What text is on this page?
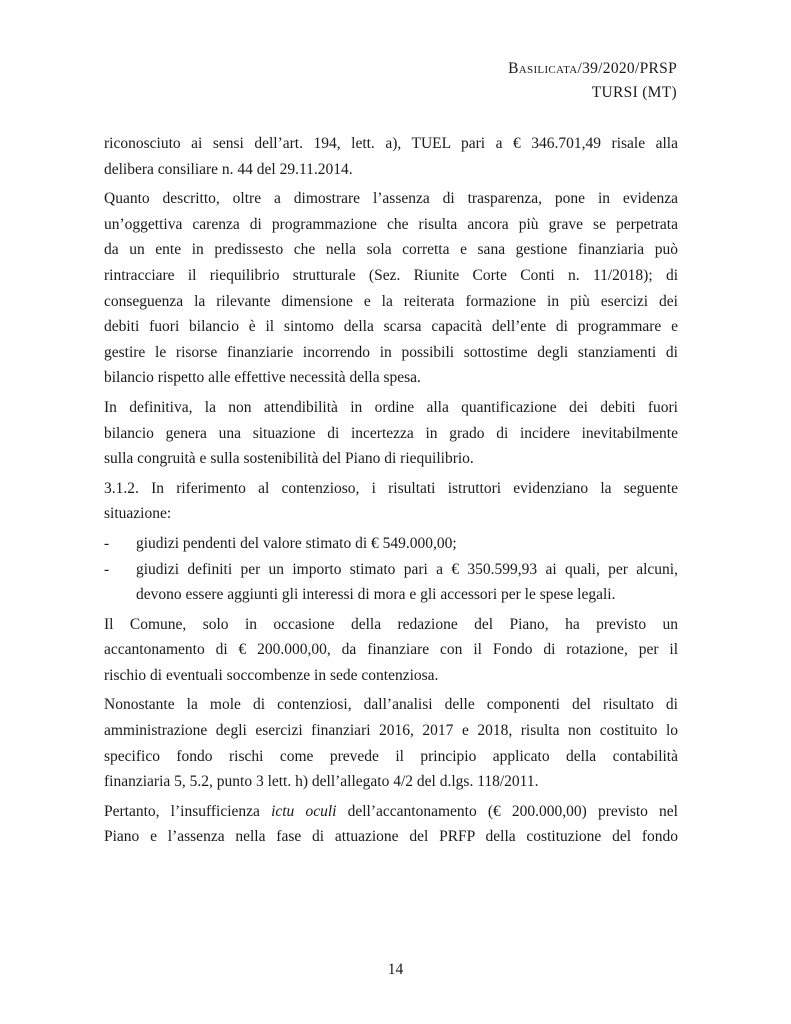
Basilicata/39/2020/PRSP
TURSI (MT)

riconosciuto ai sensi dell’art. 194, lett. a), TUEL pari a € 346.701,49 risale alla
delibera consiliare n. 44 del 29.11.2014.

Quanto descritto, oltre a dimostrare l’assenza di trasparenza, pone in evidenza
un’oggettiva carenza di programmazione che risulta ancora più grave se perpetrata
da un ente in predissesto che nella sola corretta e sana gestione finanziaria può
rintracciare il riequilibrio strutturale (Sez. Riunite Corte Conti n. 11/2018); di
conseguenza la rilevante dimensione e la reiterata formazione in più esercizi dei
debiti fuori bilancio è il sintomo della scarsa capacità dell’ente di programmare e
gestire le risorse finanziarie incorrendo in possibili sottostime degli stanziamenti di
bilancio rispetto alle effettive necessità della spesa.

In definitiva, la non attendibilità in ordine alla quantificazione dei debiti fuori
bilancio genera una situazione di incertezza in grado di incidere inevitabilmente
sulla congruità e sulla sostenibilità del Piano di riequilibrio.

3.1.2. In riferimento al contenzioso, i risultati istruttori evidenziano la seguente
situazione:

-	giudizi pendenti del valore stimato di € 549.000,00;
-	giudizi definiti per un importo stimato pari a € 350.599,93 ai quali, per alcuni,
devono essere aggiunti gli interessi di mora e gli accessori per le spese legali.

Il Comune, solo in occasione della redazione del Piano, ha previsto un
accantonamento di € 200.000,00, da finanziare con il Fondo di rotazione, per il
rischio di eventuali soccombenze in sede contenziosa.

Nonostante la mole di contenziosi, dall’analisi delle componenti del risultato di
amministrazione degli esercizi finanziari 2016, 2017 e 2018, risulta non costituito lo
specifico fondo rischi come prevede il principio applicato della contabilità
finanziaria 5, 5.2, punto 3 lett. h) dell’allegato 4/2 del d.lgs. 118/2011.

Pertanto, l’insufficienza ictu oculi dell’accantonamento (€ 200.000,00) previsto nel
Piano e l’assenza nella fase di attuazione del PRFP della costituzione del fondo

14
